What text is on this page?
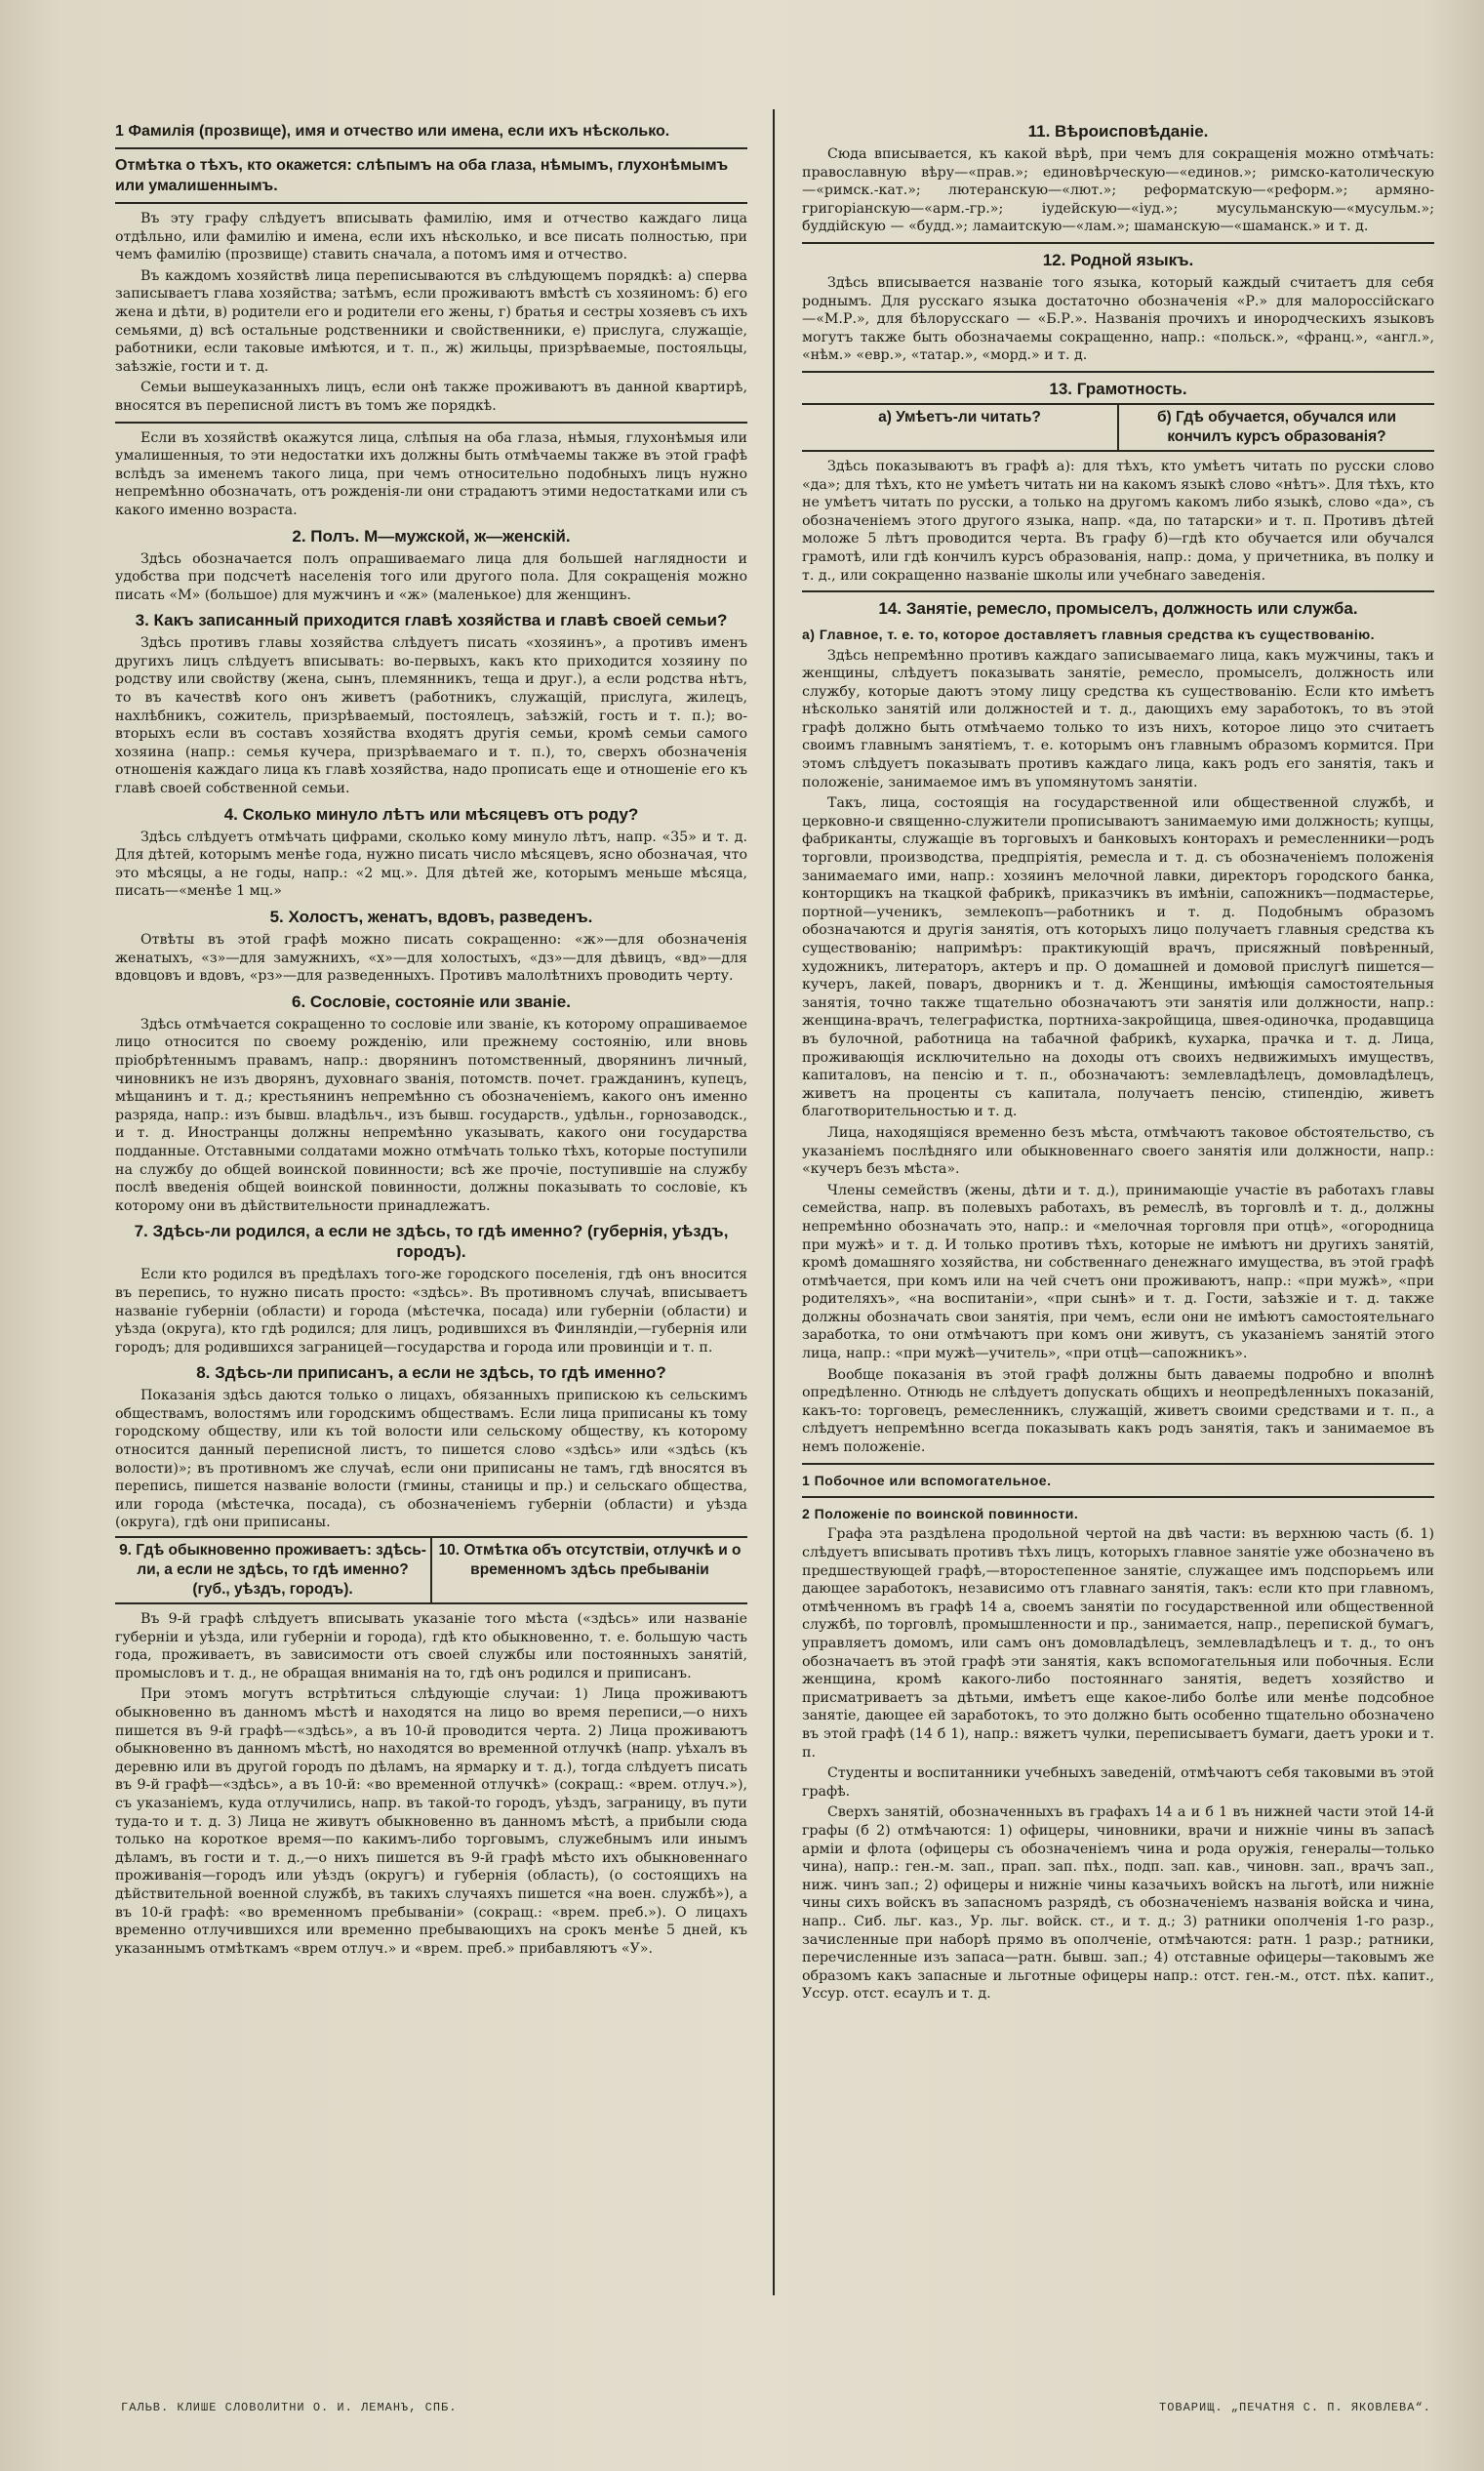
1 Фамилія (прозвище), имя и отчество или имена, если ихъ нѣсколько.
Отмѣтка о тѣхъ, кто окажется: слѣпымъ на оба глаза, нѣмымъ, глухонѣмымъ или умалишеннымъ.

Въ эту графу слѣдуетъ вписывать фамилію, имя и отчество каждаго лица отдѣльно, или фамилію и имена, если ихъ нѣсколько, и все писать полностью, при чемъ фамилію (прозвище) ставить сначала, а потомъ имя и отчество.

Въ каждомъ хозяйствѣ лица переписываются въ слѣдующемъ порядкѣ: а) сперва записываетъ глава хозяйства; затѣмъ, если проживаютъ вмѣстѣ съ хозяиномъ: б) его жена и дѣти, в) родители его и родители его жены, г) братья и сестры хозяевъ съ ихъ семьями, д) всѣ остальные родственники и свойственники, е) прислуга, служащіе, работники, если таковые имѣются, и т. п., ж) жильцы, призрѣваемые, постояльцы, заѣзжіе, гости и т. д.

Семьи вышеуказанныхъ лицъ, если онѣ также проживаютъ въ данной квартирѣ, вносятся въ переписной листъ въ томъ же порядкѣ.

Если въ хозяйствѣ окажутся лица, слѣпыя на оба глаза, нѣмыя, глухонѣмыя или умалишенныя, то эти недостатки ихъ должны быть отмѣчаемы также въ этой графѣ вслѣдъ за именемъ такого лица, при чемъ относительно подобныхъ лицъ нужно непремѣнно обозначать, отъ рожденія-ли они страдаютъ этими недостатками или съ какого именно возраста.

2. Полъ. М—мужской, ж—женскій.

Здѣсь обозначается полъ опрашиваемаго лица для большей наглядности и удобства при подсчетѣ населенія того или другого пола. Для сокращенія можно писать «М» (большое) для мужчинъ и «ж» (маленькое) для женщинъ.

3. Какъ записанный приходится главѣ хозяйства и главѣ своей семьи?

Здѣсь противъ главы хозяйства слѣдуетъ писать «хозяинъ», а противъ именъ другихъ лицъ слѣдуетъ вписывать: во-первыхъ, какъ кто приходится хозяину по родству или свойству (жена, сынъ, племянникъ, теща и друг.), а если родства нѣтъ, то въ качествѣ кого онъ живетъ (работникъ, служащій, прислуга, жилецъ, нахлѣбникъ, сожитель, призрѣваемый, постоялецъ, заѣзжій, гость и т. п.); во-вторыхъ если въ составъ хозяйства входятъ другія семьи, кромѣ семьи самого хозяина (напр.: семья кучера, призрѣваемаго и т. п.), то, сверхъ обозначенія отношенія каждаго лица къ главѣ хозяйства, надо прописать еще и отношеніе его къ главѣ своей собственной семьи.

4. Сколько минуло лѣтъ или мѣсяцевъ отъ роду?

Здѣсь слѣдуетъ отмѣчать цифрами, сколько кому минуло лѣтъ, напр. «35» и т. д. Для дѣтей, которымъ менѣе года, нужно писать число мѣсяцевъ, ясно обозначая, что это мѣсяцы, а не годы, напр.: «2 мц.». Для дѣтей же, которымъ меньше мѣсяца, писать—«менѣе 1 мц.»

5. Холостъ, женатъ, вдовъ, разведенъ.

Отвѣты въ этой графѣ можно писать сокращенно: «ж»—для обозначенія женатыхъ, «з»—для замужнихъ, «х»—для холостыхъ, «дз»—для дѣвицъ, «вд»—для вдовцовъ и вдовъ, «рз»—для разведенныхъ. Противъ малолѣтнихъ проводить черту.

6. Сословіе, состояніе или званіе.

Здѣсь отмѣчается сокращенно то сословіе или званіе, къ которому опрашиваемое лицо относится по своему рожденію, или прежнему состоянію, или вновь пріобрѣтеннымъ правамъ, напр.: дворянинъ потомственный, дворянинъ личный, чиновникъ не изъ дворянъ, духовнаго званія, потомств. почет. гражданинъ, купецъ, мѣщанинъ и т. д.; крестьянинъ непремѣнно съ обозначеніемъ, какого онъ именно разряда, напр.: изъ бывш. владѣльч., изъ бывш. государств., удѣльн., горнозаводск., и т. д. Иностранцы должны непремѣнно указывать, какого они государства подданные. Отставными солдатами можно отмѣчать только тѣхъ, которые поступили на службу до общей воинской повинности; всѣ же прочіе, поступившіе на службу послѣ введенія общей воинской повинности, должны показывать то сословіе, къ которому они въ дѣйствительности принадлежатъ.

7. Здѣсь-ли родился, а если не здѣсь, то гдѣ именно? (губернія, уѣздъ, городъ).

Если кто родился въ предѣлахъ того-же городского поселенія, гдѣ онъ вносится въ перепись, то нужно писать просто: «здѣсь». Въ противномъ случаѣ, вписываетъ названіе губерніи (области) и города (мѣстечка, посада) или губерніи (области) и уѣзда (округа), кто гдѣ родился; для лицъ, родившихся въ Финляндіи,—губернія или городъ; для родившихся заграницей—государства и города или провинціи и т. п.

8. Здѣсь-ли приписанъ, а если не здѣсь, то гдѣ именно?

Показанія здѣсь даются только о лицахъ, обязанныхъ припискою къ сельскимъ обществамъ, волостямъ или городскимъ обществамъ. Если лица приписаны къ тому городскому обществу, или къ той волости или сельскому обществу, къ которому относится данный переписной листъ, то пишется слово «здѣсь» или «здѣсь (къ волости)»; въ противномъ же случаѣ, если они приписаны не тамъ, гдѣ вносятся въ перепись, пишется названіе волости (гмины, станицы и пр.) и сельскаго общества, или города (мѣстечка, посада), съ обозначеніемъ губерніи (области) и уѣзда (округа), гдѣ они приписаны.

9. Гдѣ обыкновенно проживаетъ: здѣсь-ли, а если не здѣсь, то гдѣ именно? (губ., уѣздъ, городъ).
10. Отмѣтка объ отсутствіи, отлучкѣ и о временномъ здѣсь пребываніи

Въ 9-й графѣ слѣдуетъ вписывать указаніе того мѣста («здѣсь» или названіе губерніи и уѣзда, или губерніи и города), гдѣ кто обыкновенно, т. е. большую часть года, проживаетъ, въ зависимости отъ своей службы или постоянныхъ занятій, промысловъ и т. д., не обращая вниманія на то, гдѣ онъ родился и приписанъ.

При этомъ могутъ встрѣтиться слѣдующіе случаи: 1) Лица проживаютъ обыкновенно въ данномъ мѣстѣ и находятся на лицо во время переписи,—о нихъ пишется въ 9-й графѣ—«здѣсь», а въ 10-й проводится черта. 2) Лица проживаютъ обыкновенно въ данномъ мѣстѣ, но находятся во временной отлучкѣ (напр. уѣхалъ въ деревню или въ другой городъ по дѣламъ, на ярмарку и т. д.), тогда слѣдуетъ писать въ 9-й графѣ—«здѣсь», а въ 10-й: «во временной отлучкѣ» (сокращ.: «врем. отлуч.»), съ указаніемъ, куда отлучились, напр. въ такой-то городъ, уѣздъ, заграницу, въ пути туда-то и т. д. 3) Лица не живутъ обыкновенно въ данномъ мѣстѣ, а прибыли сюда только на короткое время—по какимъ-либо торговымъ, служебнымъ или инымъ дѣламъ, въ гости и т. д.,—о нихъ пишется въ 9-й графѣ мѣсто ихъ обыкновеннаго проживанія—городъ или уѣздъ (округъ) и губернія (область), (о состоящихъ на дѣйствительной военной службѣ, въ такихъ случаяхъ пишется «на воен. службѣ»), а въ 10-й графѣ: «во временномъ пребываніи» (сокращ.: «врем. преб.»). О лицахъ временно отлучившихся или временно пребывающихъ на срокъ менѣе 5 дней, къ указаннымъ отмѣткамъ «врем отлуч.» и «врем. преб.» прибавляютъ «У».

11. Вѣроисповѣданіе.

Сюда вписывается, къ какой вѣрѣ, при чемъ для сокращенія можно отмѣчать: православную вѣру—«прав.»; единовѣрческую—«единов.»; римско-католическую—«римск.-кат.»; лютеранскую—«лют.»; реформатскую—«реформ.»; армяно-григоріанскую—«арм.-гр.»; іудейскую—«іуд.»; мусульманскую—«мусульм.»; буддійскую — «будд.»; ламаитскую—«лам.»; шаманскую—«шаманск.» и т. д.

12. Родной языкъ.

Здѣсь вписывается названіе того языка, который каждый считаетъ для себя роднымъ. Для русскаго языка достаточно обозначенія «Р.» для малороссійскаго—«М.Р.», для бѣлорусскаго — «Б.Р.». Названія прочихъ и инородческихъ языковъ могутъ также быть обозначаемы сокращенно, напр.: «польск.», «франц.», «англ.», «нѣм.» «евр.», «татар.», «морд.» и т. д.

13. Грамотность.
а) Умѣетъ-ли читать?	б) Гдѣ обучается, обучался или кончилъ курсъ образованія?

Здѣсь показываютъ въ графѣ а): для тѣхъ, кто умѣетъ читать по русски слово «да»; для тѣхъ, кто не умѣетъ читать ни на какомъ языкѣ слово «нѣтъ». Для тѣхъ, кто не умѣетъ читать по русски, а только на другомъ какомъ либо языкѣ, слово «да», съ обозначеніемъ этого другого языка, напр. «да, по татарски» и т. п. Противъ дѣтей моложе 5 лѣтъ проводится черта. Въ графу б)—гдѣ кто обучается или обучался грамотѣ, или гдѣ кончилъ курсъ образованія, напр.: дома, у причетника, въ полку и т. д., или сокращенно названіе школы или учебнаго заведенія.

14. Занятіе, ремесло, промыселъ, должность или служба.
а) Главное, т. е. то, которое доставляетъ главныя средства къ существованію.

Здѣсь непремѣнно противъ каждаго записываемаго лица, какъ мужчины, такъ и женщины, слѣдуетъ показывать занятіе, ремесло, промыселъ, должность или службу, которые даютъ этому лицу средства къ существованію. Если кто имѣетъ нѣсколько занятій или должностей и т. д., дающихъ ему заработокъ, то въ этой графѣ должно быть отмѣчаемо только то изъ нихъ, которое лицо это считаетъ своимъ главнымъ занятіемъ, т. е. которымъ онъ главнымъ образомъ кормится. При этомъ слѣдуетъ показывать противъ каждаго лица, какъ родъ его занятія, такъ и положеніе, занимаемое имъ въ упомянутомъ занятіи.

Такъ, лица, состоящія на государственной или общественной службѣ, и церковно-и священно-служители прописываютъ занимаемую ими должность; купцы, фабриканты, служащіе въ торговыхъ и банковыхъ конторахъ и ремесленники—родъ торговли, производства, предпріятія, ремесла и т. д. съ обозначеніемъ положенія занимаемаго ими, напр.: хозяинъ мелочной лавки, директоръ городского банка, конторщикъ на ткацкой фабрикѣ, приказчикъ въ имѣніи, сапожникъ—подмастерье, портной—ученикъ, землекопъ—работникъ и т. д. Подобнымъ образомъ обозначаются и другія занятія, отъ которыхъ лицо получаетъ главныя средства къ существованію; напримѣръ: практикующій врачъ, присяжный повѣренный, художникъ, литераторъ, актеръ и пр. О домашней и домовой прислугѣ пишется—кучеръ, лакей, поваръ, дворникъ и т. д. Женщины, имѣющія самостоятельныя занятія, точно также тщательно обозначаютъ эти занятія или должности, напр.: женщина-врачъ, телеграфистка, портниха-закройщица, швея-одиночка, продавщица въ булочной, работница на табачной фабрикѣ, кухарка, прачка и т. д. Лица, проживающія исключительно на доходы отъ своихъ недвижимыхъ имуществъ, капиталовъ, на пенсію и т. п., обозначаютъ: землевладѣлецъ, домовладѣлецъ, живетъ на проценты съ капитала, получаетъ пенсію, стипендію, живетъ благотворительностью и т. д.

Лица, находящіяся временно безъ мѣста, отмѣчаютъ таковое обстоятельство, съ указаніемъ послѣдняго или обыкновеннаго своего занятія или должности, напр.: «кучеръ безъ мѣста».

Члены семействъ (жены, дѣти и т. д.), принимающіе участіе въ работахъ главы семейства, напр. въ полевыхъ работахъ, въ ремеслѣ, въ торговлѣ и т. д., должны непремѣнно обозначать это, напр.: и «мелочная торговля при отцѣ», «огородница при мужѣ» и т. д. И только противъ тѣхъ, которые не имѣютъ ни другихъ занятій, кромѣ домашняго хозяйства, ни собственнаго денежнаго имущества, въ этой графѣ отмѣчается, при комъ или на чей счетъ они проживаютъ, напр.: «при мужѣ», «при родителяхъ», «на воспитаніи», «при сынѣ» и т. д. Гости, заѣзжіе и т. д. также должны обозначать свои занятія, при чемъ, если они не имѣютъ самостоятельнаго заработка, то они отмѣчаютъ при комъ они живутъ, съ указаніемъ занятій этого лица, напр.: «при мужѣ—учитель», «при отцѣ—сапожникъ».

Вообще показанія въ этой графѣ должны быть даваемы подробно и вполнѣ опредѣленно. Отнюдь не слѣдуетъ допускать общихъ и неопредѣленныхъ показаній, какъ-то: торговецъ, ремесленникъ, служащій, живетъ своими средствами и т. п., а слѣдуетъ непремѣнно всегда показывать какъ родъ занятія, такъ и занимаемое въ немъ положеніе.

1 Побочное или вспомогательное.
2 Положеніе по воинской повинности.

Графа эта раздѣлена продольной чертой на двѣ части: въ верхнюю часть (б. 1) слѣдуетъ вписывать противъ тѣхъ лицъ, которыхъ главное занятіе уже обозначено въ предшествующей графѣ,—второстепенное занятіе, служащее имъ подспорьемъ или дающее заработокъ, независимо отъ главнаго занятія, такъ: если кто при главномъ, отмѣченномъ въ графѣ 14 а, своемъ занятіи по государственной или общественной службѣ, по торговлѣ, промышленности и пр., занимается, напр., перепиской бумагъ, управляетъ домомъ, или самъ онъ домовладѣлецъ, землевладѣлецъ и т. д., то онъ обозначаетъ въ этой графѣ эти занятія, какъ вспомогательныя или побочныя. Если женщина, кромѣ какого-либо постояннаго занятія, ведетъ хозяйство и присматриваетъ за дѣтьми, имѣетъ еще какое-либо болѣе или менѣе подсобное занятіе, дающее ей заработокъ, то это должно быть особенно тщательно обозначено въ этой графѣ (14 б 1), напр.: вяжетъ чулки, переписываетъ бумаги, даетъ уроки и т. п.

Студенты и воспитанники учебныхъ заведеній, отмѣчаютъ себя таковыми въ этой графѣ.

Сверхъ занятій, обозначенныхъ въ графахъ 14 а и б 1 въ нижней части этой 14-й графы (б 2) отмѣчаются: 1) офицеры, чиновники, врачи и нижніе чины въ запасѣ арміи и флота (офицеры съ обозначеніемъ чина и рода оружія, генералы—только чина), напр.: ген.-м. зап., прап. зап. пѣх., подп. зап. кав., чиновн. зап., врачъ зап., ниж. чинъ зап.; 2) офицеры и нижніе чины казачьихъ войскъ на льготѣ, или нижніе чины сихъ войскъ въ запасномъ разрядѣ, съ обозначеніемъ названія войска и чина, напр.. Сиб. льг. каз., Ур. льг. войск. ст., и т. д.; 3) ратники ополченія 1-го разр., зачисленные при наборѣ прямо въ ополченіе, отмѣчаются: ратн. 1 разр.; ратники, перечисленные изъ запаса—ратн. бывш. зап.; 4) отставные офицеры—таковымъ же образомъ какъ запасные и льготные офицеры напр.: отст. ген.-м., отст. пѣх. капит., Уссур. отст. есаулъ и т. д.

ГАЛЬВ. КЛИШЕ СЛОВОЛИТНИ О. И. ЛЕМАНЪ, СПБ.	ТОВАРИЩ. „ПЕЧАТНЯ С. П. ЯКОВЛЕВА“.
